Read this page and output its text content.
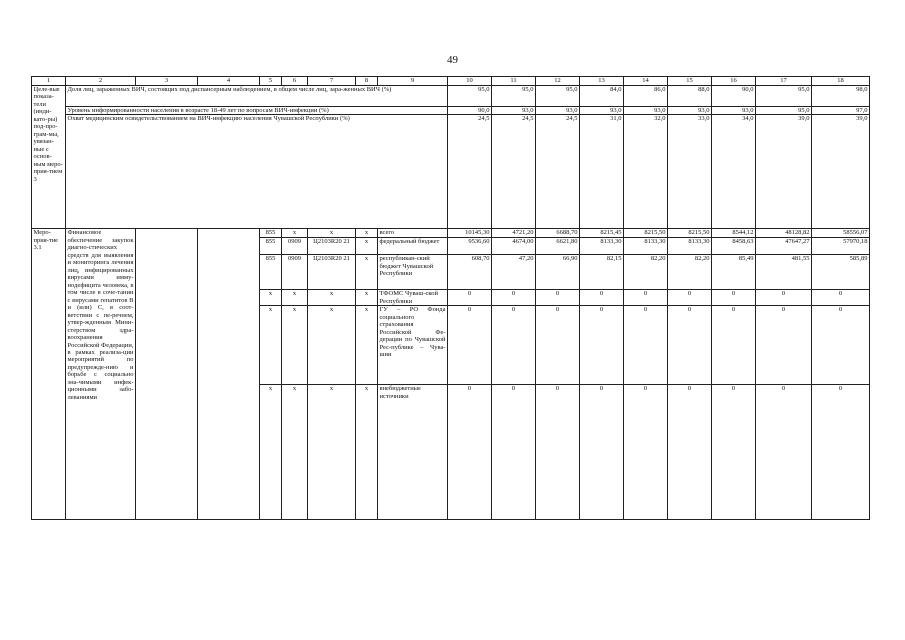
49
1	2	3	4	5	6	7	8	9	10	11	12	13	14	15	16	17	18
Целе-вые показа-тели (инди-като-ры) под-про-грам-мы, увязан-ные с основ-ным меро-прия-тием 3	Доля лиц, зараженных ВИЧ, состоящих под диспансерным наблюдением, в общем числе лиц, зара-женных ВИЧ (%)								95,0	95,0	95,0	84,0	86,0	88,0	90,0	95,0	98,0
	Уровень информированности населения в возрасте 18-49 лет по вопросам ВИЧ-инфекции (%)								90,0	93,0	93,0	93,0	93,0	93,0	93,0	95,0	97,0
	Охват медицинским освидетельствованием на ВИЧ-инфекцию населения Чувашской Республики (%)								24,5	24,5	24,5	31,0	32,0	33,0	34,0	39,0	39,0
Меро-прия-тие 3.1	Финансовое обеспечение закупок диагно-стических средств для выявления и мониторинга лечения лиц, инфицированных вирусами имму-нодефицита человека, в том числе в соче-тании с вирусами гепатитов В и (или) С, в соот-ветствии с пе-речнем, утвер-жденным Мини-стерством здра-воохранения Российской Федерации, в рамках реализа-ции мероприятий по предупрежде-нию и борьбе с социально зна-чимыми инфек-ционными забо-леваниями			855	x	x	x	всего	10145,30	4721,20	6688,70	8215,45	8215,50	8215,50	8544,12	48128,82	58556,07
				855	0909	Ц2103R20 21	x	федеральный бюджет	9536,60	4674,00	6621,80	8133,30	8133,30	8133,30	8458,63	47647,27	57970,18
				855	0909	Ц2103R20 21	x	республикан-ский бюджет Чувашской Республики	608,70	47,20	66,90	82,15	82,20	82,20	85,49	481,55	585,89
				x	x	x	x	ТФОМС Чуваш-ской Республики	0	0	0	0	0	0	0	0	0
				x	x	x	x	ГУ – РО Фонда социального страхования Российской Фе-дерации по Чувашской Рес-публике – Чува-шии	0	0	0	0	0	0	0	0	0
				x	x	x	x	внебюджетные источники	0	0	0	0	0	0	0	0	0
